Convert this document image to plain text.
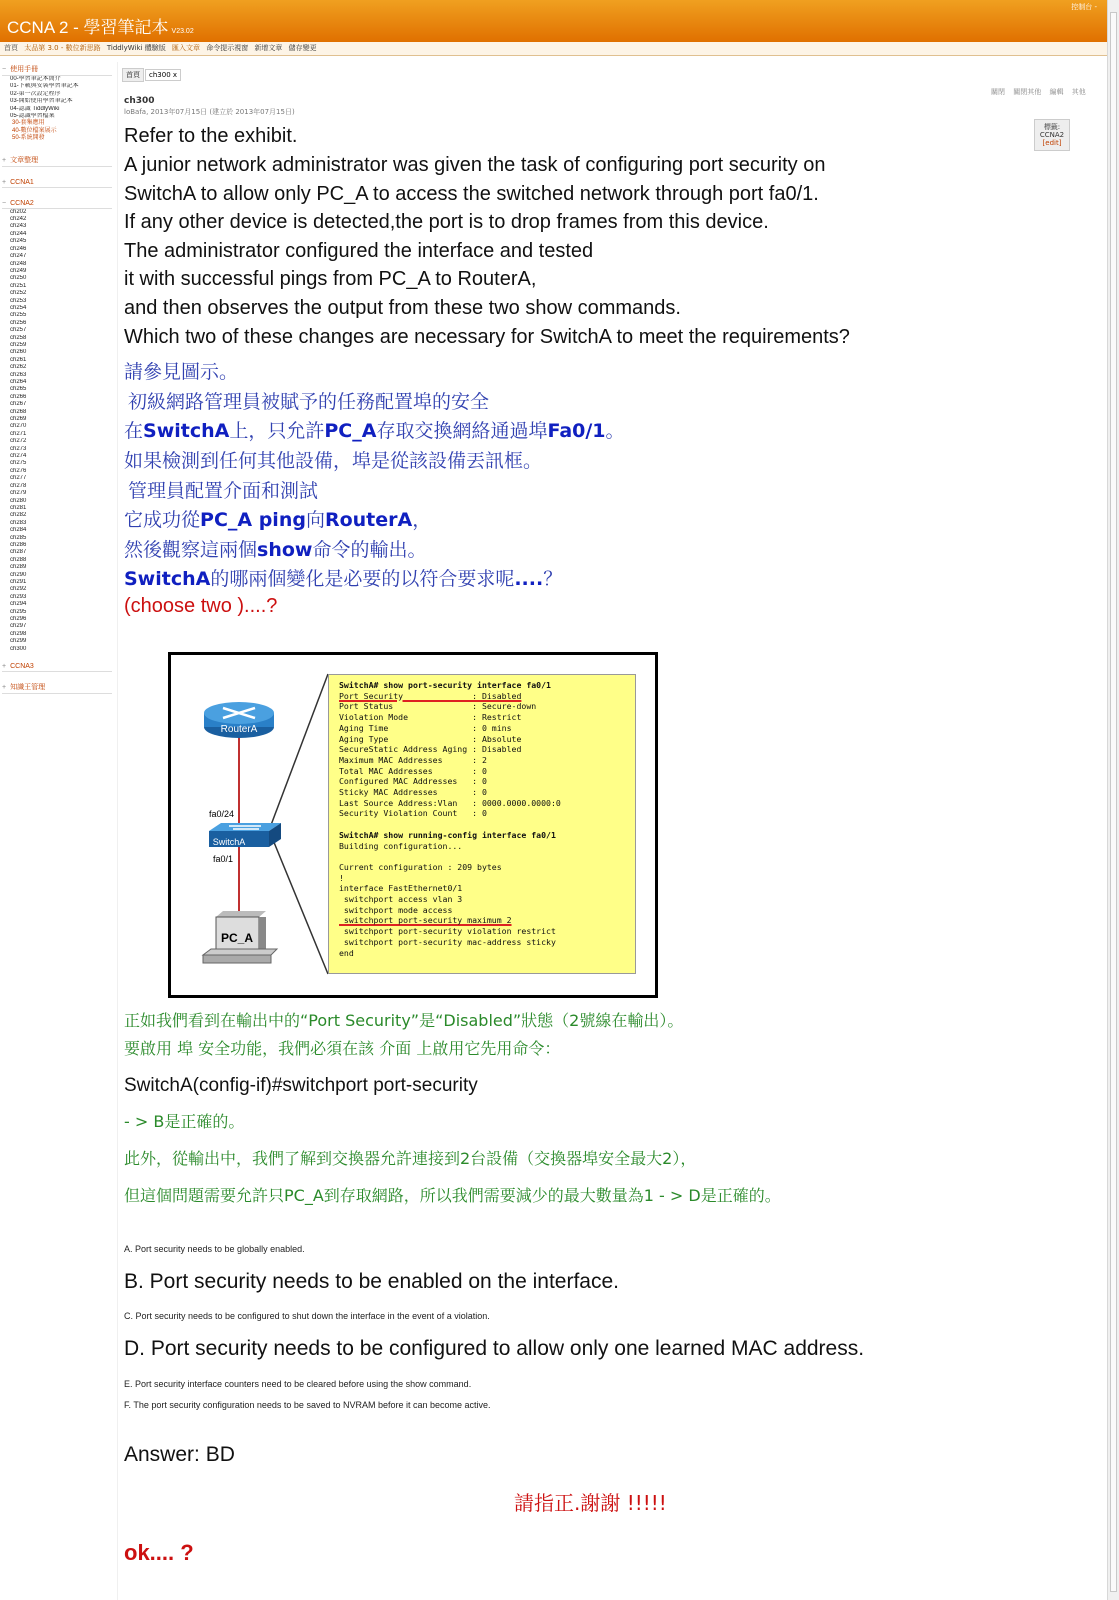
CCNA 2 - 學習筆記本 V23.02
控制台 -
首頁 太品第 3.0 - 數位新思路 TiddlyWiki 體驗版 匯入文章 命令提示視窗 新增文章 儲存變更
− 使用手冊
00-學習筆記本簡介
01-下載與安裝學習筆記本
02-第一次設定程序
03-開始使用學習筆記本
04-認識 TiddlyWiki
05-認識學習檔案
30-套集應用
40-數位檔案展示
50-系統開發
+ 文章整理
+ CCNA1
− CCNA2
ch202
ch242
ch243
ch244
ch245
ch246
ch247
ch248
ch249
ch250
ch251
ch252
ch253
ch254
ch255
ch256
ch257
ch258
ch259
ch260
ch261
ch262
ch263
ch264
ch265
ch266
ch267
ch268
ch269
ch270
ch271
ch272
ch273
ch274
ch275
ch276
ch277
ch278
ch279
ch280
ch281
ch282
ch283
ch284
ch285
ch286
ch287
ch288
ch289
ch290
ch291
ch292
ch293
ch294
ch295
ch296
ch297
ch298
ch299
ch300
+ CCNA3
+ 知識王管理
首頁 ch300 x
關閉 關閉其他 編輯 其他
ch300
loBafa, 2013年07月15日 (建立於 2013年07月15日)
標籤:
CCNA2
[edit]
Refer to the exhibit.
A junior network administrator was given the task of configuring port security on
SwitchA to allow only PC_A to access the switched network through port fa0/1.
If any other device is detected,the port is to drop frames from this device.
The administrator configured the interface and tested
it with successful pings from PC_A to RouterA,
and then observes the output from these two show commands.
Which two of these changes are necessary for SwitchA to meet the requirements?
請參見圖示。
初級網路管理員被賦予的任務配置埠的安全
在SwitchA上，只允許PC_A存取交換網絡通過埠Fa0/1。
如果檢測到任何其他設備，埠是從該設備丟訊框。
管理員配置介面和測試
它成功從PC_A ping向RouterA，
然後觀察這兩個show命令的輸出。
SwitchA的哪兩個變化是必要的以符合要求呢....？
(choose two )....?
RouterA
fa0/24
SwitchA
fa0/1
PC_A
SwitchA# show port-security interface fa0/1
Port Security              : Disabled
Port Status                : Secure-down
Violation Mode             : Restrict
Aging Time                 : 0 mins
Aging Type                 : Absolute
SecureStatic Address Aging : Disabled
Maximum MAC Addresses      : 2
Total MAC Addresses        : 0
Configured MAC Addresses   : 0
Sticky MAC Addresses       : 0
Last Source Address:Vlan   : 0000.0000.0000:0
Security Violation Count   : 0
SwitchA# show running-config interface fa0/1
Building configuration...
Current configuration : 209 bytes
!
interface FastEthernet0/1
switchport access vlan 3
switchport mode access
switchport port-security maximum 2
switchport port-security violation restrict
switchport port-security mac-address sticky
end
正如我們看到在輸出中的“Port Security”是“Disabled”狀態（2號線在輸出）。
要啟用 埠 安全功能，我們必須在該 介面 上啟用它先用命令：
SwitchA(config-if)#switchport port-security
- > B是正確的。
此外，從輸出中，我們了解到交換器允許連接到2台設備（交換器埠安全最大2），
但這個問題需要允許只PC_A到存取網路，所以我們需要減少的最大數量為1 - > D是正確的。
A. Port security needs to be globally enabled.
B. Port security needs to be enabled on the interface.
C. Port security needs to be configured to shut down the interface in the event of a violation.
D. Port security needs to be configured to allow only one learned MAC address.
E. Port security interface counters need to be cleared before using the show command.
F. The port security configuration needs to be saved to NVRAM before it can become active.
Answer: BD
請指正.謝謝 !!!!!
ok.... ?
